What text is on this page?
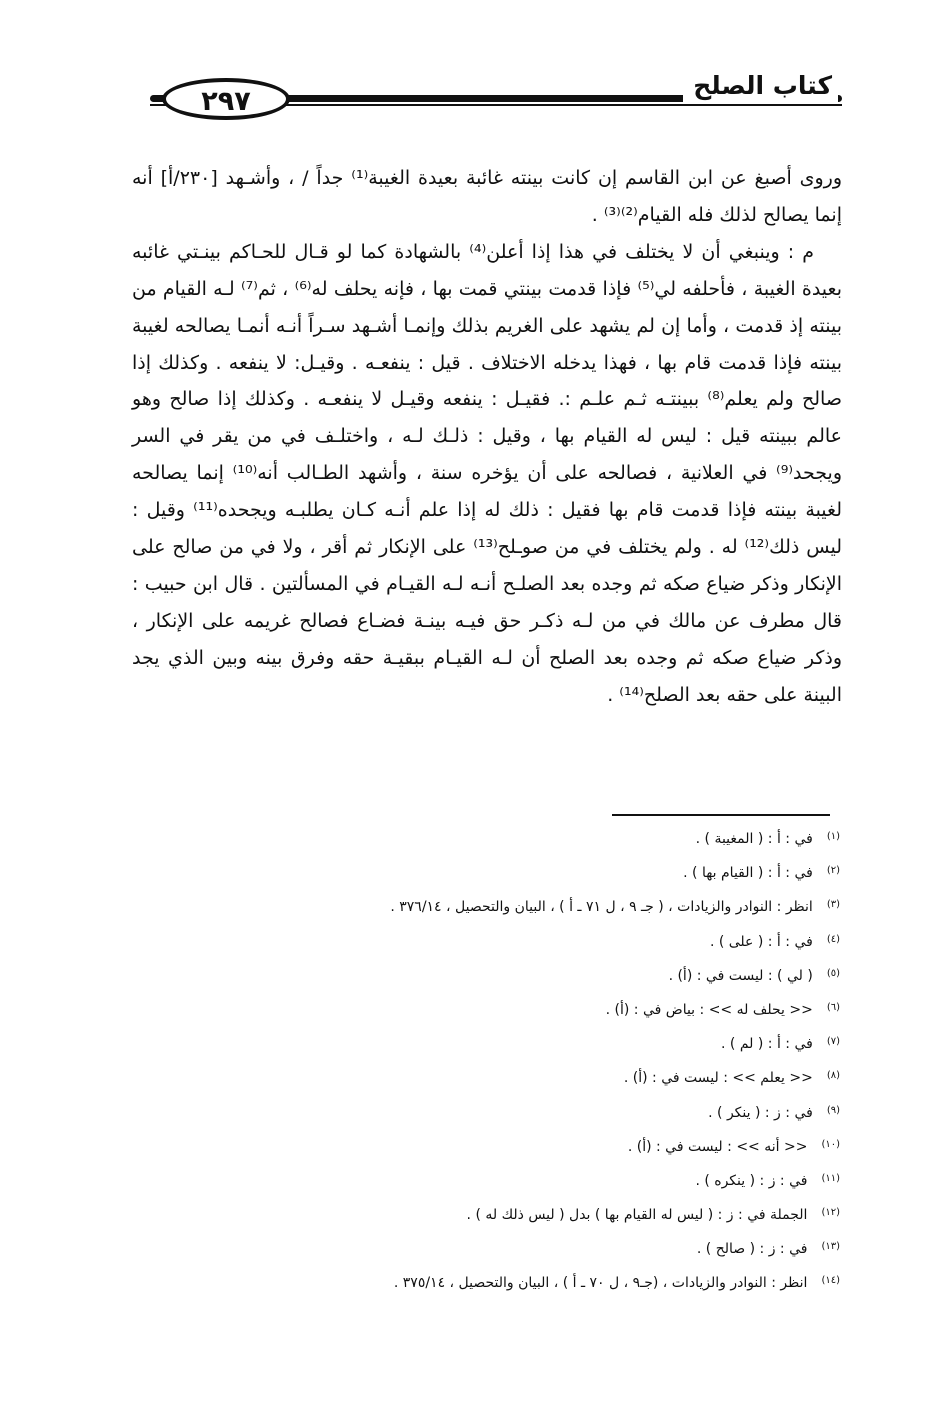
٢٩٧
كتاب الصلح

وروى أصبغ عن ابن القاسم إن كانت بينته غائبة بعيدة الغيبة⁽¹⁾ جداً / ، وأشـهد [٢٣٠/أ] أنه إنما يصالح لذلك فله القيام⁽²⁾⁽³⁾ .

م : وينبغي أن لا يختلف في هذا إذا أعلن⁽⁴⁾ بالشهادة كما لو قـال للحـاكم بينـتي غائبه بعيدة الغيبة ، فأحلفه لي⁽⁵⁾ فإذا قدمت بينتي قمت بها ، فإنه يحلف له⁽⁶⁾ ، ثم⁽⁷⁾ لـه القيام من بينته إذ قدمت ، وأما إن لم يشهد على الغريم بذلك وإنمـا أشـهد سـراً أنـه أنمـا يصالحه لغيبة بينته فإذا قدمت قام بها ، فهذا يدخله الاختلاف . قيل : ينفعـه . وقيـل: لا ينفعه . وكذلك إذا صالح ولم يعلم⁽⁸⁾ ببينتـه ثـم علـم :. فقيـل : ينفعه وقيـل لا ينفعـه . وكذلك إذا صالح وهو عالم ببينته قيل : ليس له القيام بها ، وقيل : ذلـك لـه ، واختلـف في من يقر في السر ويجحد⁽⁹⁾ في العلانية ، فصالحه على أن يؤخره سنة ، وأشهد الطـالب أنه⁽¹⁰⁾ إنما يصالحه لغيبة بينته فإذا قدمت قام بها فقيل : ذلك له إذا علم أنـه كـان يطلبـه ويجحده⁽¹¹⁾ وقيل : ليس ذلك⁽¹²⁾ له . ولم يختلف في من صوـلح⁽¹³⁾ على الإنكار ثم أقر ، ولا في من صالح على الإنكار وذكر ضياع صكه ثم وجده بعد الصلـح أنـه لـه القيـام في المسألتين . قال ابن حبيب : قال مطرف عن مالك في من لـه ذكـر حق فيـه بينـة فضـاع فصالح غريمه على الإنكار ، وذكر ضياع صكه ثم وجده بعد الصلح أن لـه القيـام ببقيـة حقه وفرق بينه وبين الذي يجد البينة على حقه بعد الصلح⁽¹⁴⁾ .

$^{(١)}$في : أ : ( المغيبة ) .
$^{(٢)}$في : أ : ( القيام بها ) .
$^{(٣)}$انظر : النوادر والزيادات ، ( جـ ٩ ، ل ٧١ ـ أ ) ، البيان والتحصيل ، ٣٧٦/١٤ .
$^{(٤)}$في : أ : ( على ) .
$^{(٥)}$( لي ) : ليست في : (أ) .
$^{(٦)}$<< يحلف له >> : بياض في : (أ) .
$^{(٧)}$في : أ : ( لم ) .
$^{(٨)}$<< يعلم >> : ليست في : (أ) .
$^{(٩)}$في : ز : ( ينكر ) .
$^{(١٠)}$<< أنه >> : ليست في : (أ) .
$^{(١١)}$في : ز : ( ينكره ) .
$^{(١٢)}$الجملة في : ز : ( ليس له القيام بها ) بدل ( ليس ذلك له ) .
$^{(١٣)}$في : ز : ( صالح ) .
$^{(١٤)}$انظر : النوادر والزيادات ، (جـ٩ ، ل ٧٠ ـ أ ) ، البيان والتحصيل ، ٣٧٥/١٤ .
